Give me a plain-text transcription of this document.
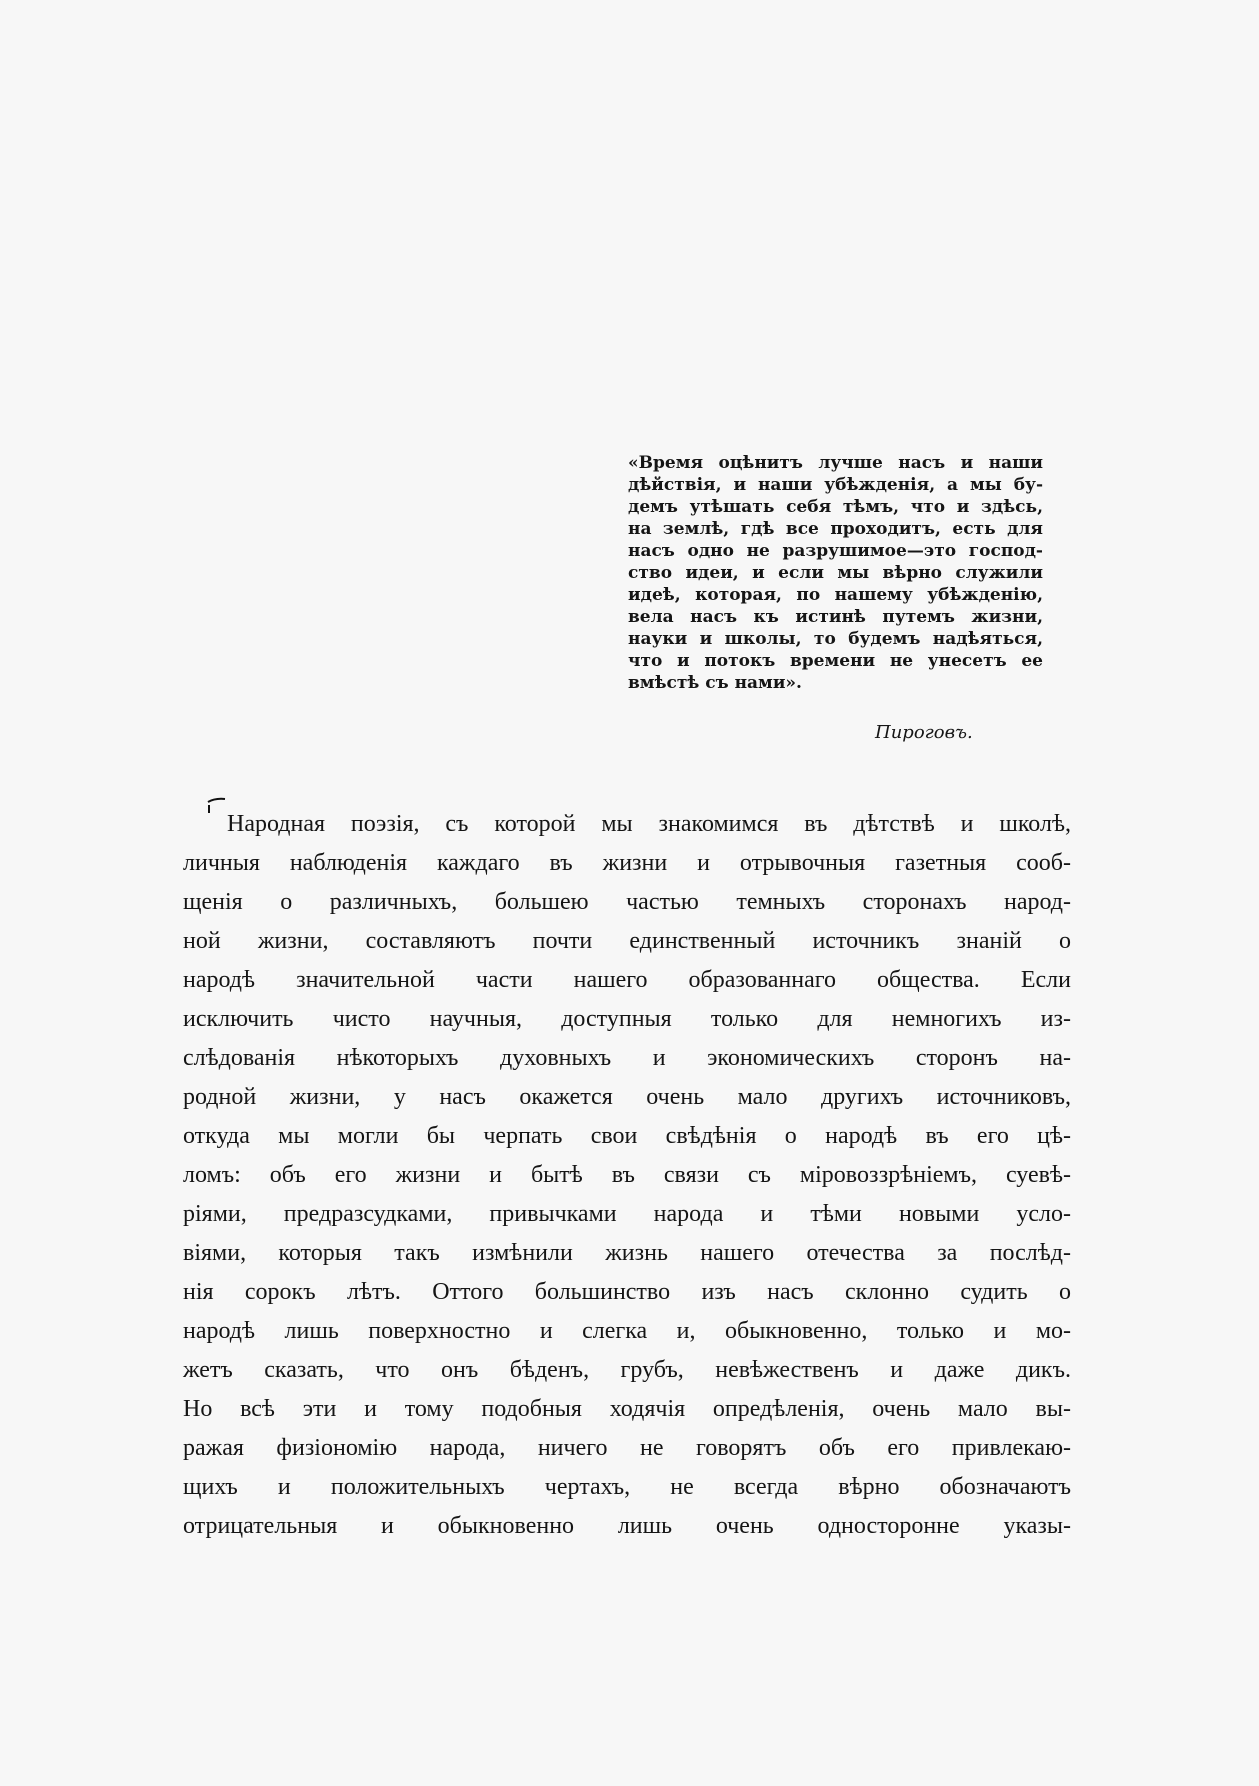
«Время оцѣнитъ лучше насъ и наши
дѣйствія, и наши убѣжденія, а мы бу-
демъ утѣшать себя тѣмъ, что и здѣсь,
на землѣ, гдѣ все проходитъ, есть для
насъ одно не разрушимое—это господ-
ство идеи, и если мы вѣрно служили
идеѣ, которая, по нашему убѣжденію,
вела насъ къ истинѣ путемъ жизни,
науки и школы, то будемъ надѣяться,
что и потокъ времени не унесетъ ее
вмѣстѣ съ нами».
Пироговъ.
Народная поэзія, съ которой мы знакомимся въ дѣтствѣ и школѣ,
личныя наблюденія каждаго въ жизни и отрывочныя газетныя сооб-
щенія о различныхъ, большею частью темныхъ сторонахъ народ-
ной жизни, составляютъ почти единственный источникъ знаній о
народѣ значительной части нашего образованнаго общества. Если
исключить чисто научныя, доступныя только для немногихъ из-
слѣдованія нѣкоторыхъ духовныхъ и экономическихъ сторонъ на-
родной жизни, у насъ окажется очень мало другихъ источниковъ,
откуда мы могли бы черпать свои свѣдѣнія о народѣ въ его цѣ-
ломъ: объ его жизни и бытѣ въ связи съ міровоззрѣніемъ, суевѣ-
ріями, предразсудками, привычками народа и тѣми новыми усло-
віями, которыя такъ измѣнили жизнь нашего отечества за послѣд-
нія сорокъ лѣтъ. Оттого большинство изъ насъ склонно судить о
народѣ лишь поверхностно и слегка и, обыкновенно, только и мо-
жетъ сказать, что онъ бѣденъ, грубъ, невѣжественъ и даже дикъ.
Но всѣ эти и тому подобныя ходячія опредѣленія, очень мало вы-
ражая физіономію народа, ничего не говорятъ объ его привлекаю-
щихъ и положительныхъ чертахъ, не всегда вѣрно обозначаютъ
отрицательныя и обыкновенно лишь очень односторонне указы-
